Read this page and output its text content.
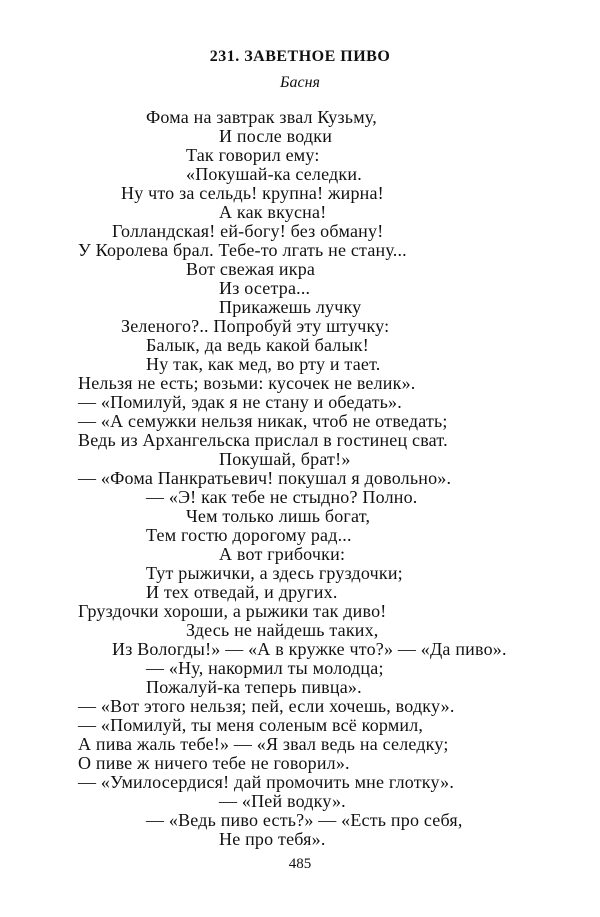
231. ЗАВЕТНОЕ ПИВО
Басня
Фома на завтрак звал Кузьму,
И после водки
Так говорил ему:
«Покушай-ка селедки.
Ну что за сельдь! крупна! жирна!
А как вкусна!
Голландская! ей-богу! без обману!
У Королева брал. Тебе-то лгать не стану...
Вот свежая икра
Из осетра...
Прикажешь лучку
Зеленого?.. Попробуй эту штучку:
Балык, да ведь какой балык!
Ну так, как мед, во рту и тает.
Нельзя не есть; возьми: кусочек не велик».
— «Помилуй, эдак я не стану и обедать».
— «А семужки нельзя никак, чтоб не отведать;
Ведь из Архангельска прислал в гостинец сват.
Покушай, брат!»
— «Фома Панкратьевич! покушал я довольно».
— «Э! как тебе не стыдно? Полно.
Чем только лишь богат,
Тем гостю дорогому рад...
А вот грибочки:
Тут рыжички, а здесь груздочки;
И тех отведай, и других.
Груздочки хороши, а рыжики так диво!
Здесь не найдешь таких,
Из Вологды!» — «А в кружке что?» — «Да пиво».
— «Ну, накормил ты молодца;
Пожалуй-ка теперь пивца».
— «Вот этого нельзя; пей, если хочешь, водку».
— «Помилуй, ты меня соленым всё кормил,
А пива жаль тебе!» — «Я звал ведь на селедку;
О пиве ж ничего тебе не говорил».
— «Умилосердися! дай промочить мне глотку».
— «Пей водку».
— «Ведь пиво есть?» — «Есть про себя,
Не про тебя».
485
